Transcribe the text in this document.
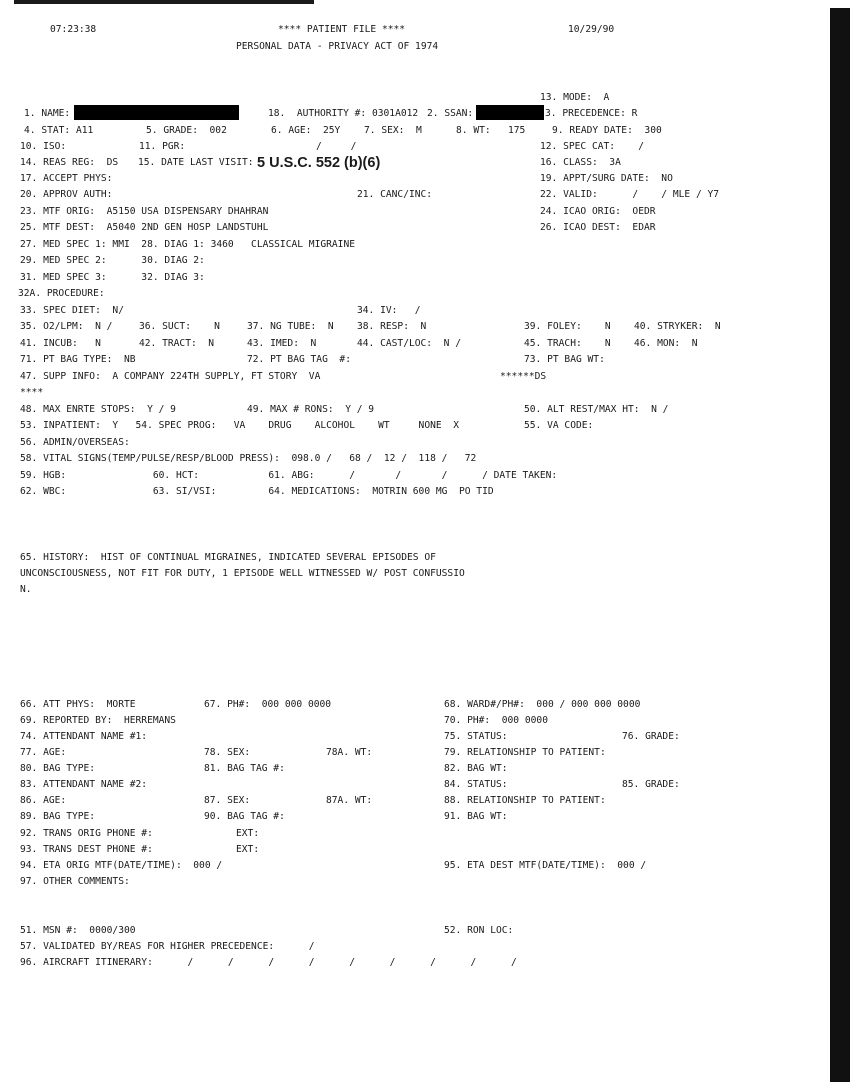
07:23:38	**** PATIENT FILE ****	10/29/90
PERSONAL DATA - PRIVACY ACT OF 1974
13. MODE:  A
1. NAME:	18.  AUTHORITY #: 0301A012 2. SSAN:	3. PRECEDENCE: R
4. STAT: A11	5. GRADE:  002	6. AGE:  25Y 7. SEX:  M	8. WT:   175	9. READY DATE:  300
10. ISO:	11. PGR:	/     /	12. SPEC CAT:    /
14. REAS REG:  DS 15. DATE LAST VISIT: 5 U.S.C. 552 (b)(6)	16. CLASS:  3A
17. ACCEPT PHYS:	19. APPT/SURG DATE:  NO
20. APPROV AUTH:	21. CANC/INC:	22. VALID:      /    / MLE / Y7
23. MTF ORIG:  A5150 USA DISPENSARY DHAHRAN	24. ICAO ORIG:  OEDR
25. MTF DEST:  A5040 2ND GEN HOSP LANDSTUHL	26. ICAO DEST:  EDAR
27. MED SPEC 1: MMI  28. DIAG 1: 3460   CLASSICAL MIGRAINE
29. MED SPEC 2:      30. DIAG 2:
31. MED SPEC 3:      32. DIAG 3:
32A. PROCEDURE:
33. SPEC DIET:  N/	34. IV:   /
35. O2/LPM:  N /	36. SUCT:    N	37. NG TUBE:  N 38. RESP:  N	39. FOLEY:    N 40. STRYKER:  N
41. INCUB:   N	42. TRACT:  N	43. IMED:  N	44. CAST/LOC:  N /	45. TRACH:    N 46. MON:  N
71. PT BAG TYPE:  NB	72. PT BAG TAG  #:	73. PT BAG WT:
47. SUPP INFO:  A COMPANY 224TH SUPPLY, FT STORY  VA	******DS
****
48. MAX ENRTE STOPS:  Y / 9	49. MAX # RONS:  Y / 9	50. ALT REST/MAX HT:  N /
53. INPATIENT:  Y   54. SPEC PROG:   VA    DRUG    ALCOHOL    WT     NONE  X	55. VA CODE:
56. ADMIN/OVERSEAS:
58. VITAL SIGNS(TEMP/PULSE/RESP/BLOOD PRESS):  098.0 /   68 /  12 /  118 /   72
59. HGB:               60. HCT:            61. ABG:      /       /       /      / DATE TAKEN:
62. WBC:               63. SI/VSI:         64. MEDICATIONS:  MOTRIN 600 MG  PO TID
65. HISTORY:  HIST OF CONTINUAL MIGRAINES, INDICATED SEVERAL EPISODES OF
UNCONSCIOUSNESS, NOT FIT FOR DUTY, 1 EPISODE WELL WITNESSED W/ POST CONFUSSIO
N.
66. ATT PHYS:  MORTE	67. PH#:  000 000 0000	68. WARD#/PH#:  000 / 000 000 0000
69. REPORTED BY:  HERREMANS	70. PH#:  000 0000
74. ATTENDANT NAME #1:	75. STATUS:	76. GRADE:
77. AGE:	78. SEX:	78A. WT:	79. RELATIONSHIP TO PATIENT:
80. BAG TYPE:	81. BAG TAG #:	82. BAG WT:
83. ATTENDANT NAME #2:	84. STATUS:	85. GRADE:
86. AGE:	87. SEX:	87A. WT:	88. RELATIONSHIP TO PATIENT:
89. BAG TYPE:	90. BAG TAG #:	91. BAG WT:
92. TRANS ORIG PHONE #:	EXT:
93. TRANS DEST PHONE #:	EXT:
94. ETA ORIG MTF(DATE/TIME):  000 /	95. ETA DEST MTF(DATE/TIME):  000 /
97. OTHER COMMENTS:
51. MSN #:  0000/300	52. RON LOC:
57. VALIDATED BY/REAS FOR HIGHER PRECEDENCE:      /
96. AIRCRAFT ITINERARY:      /      /      /      /      /      /      /      /      /
